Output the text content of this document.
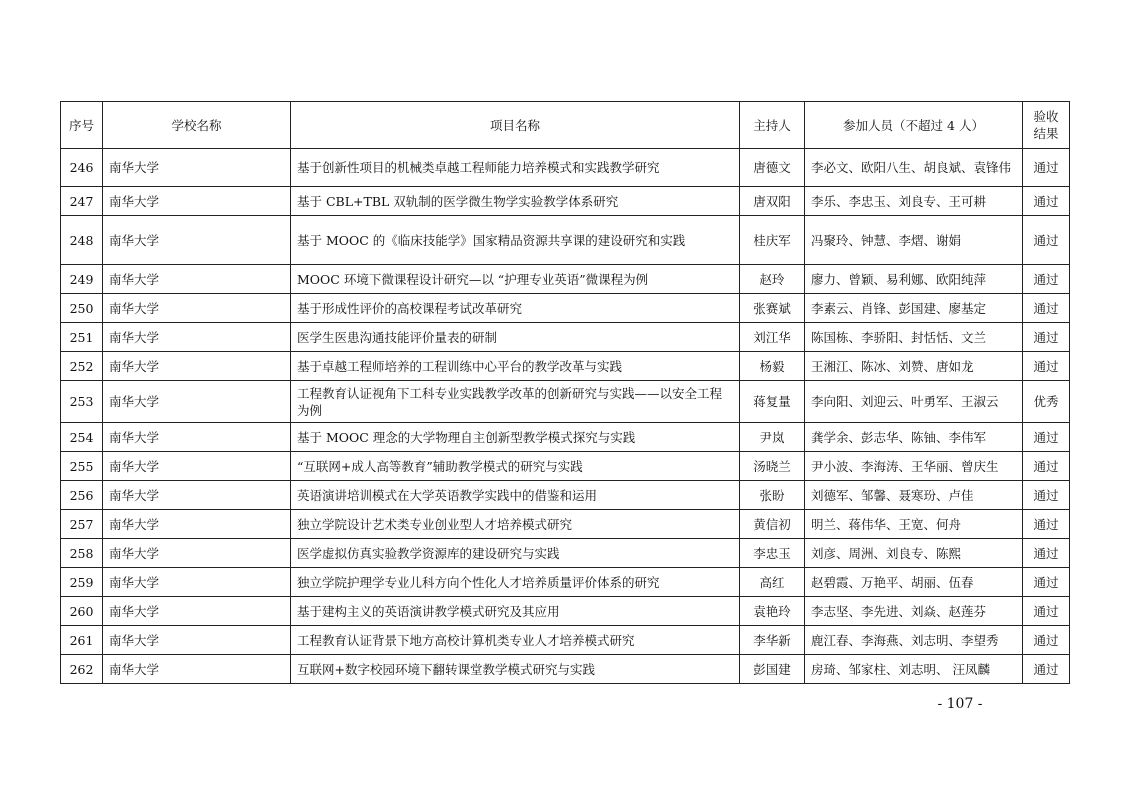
序号	学校名称	项目名称	主持人	参加人员（不超过 4 人）	验收结果
246	南华大学	基于创新性项目的机械类卓越工程师能力培养模式和实践教学研究	唐德文	李必文、欧阳八生、胡良斌、袁锋伟	通过
247	南华大学	基于 CBL+TBL 双轨制的医学微生物学实验教学体系研究	唐双阳	李乐、李忠玉、刘良专、王可耕	通过
248	南华大学	基于 MOOC 的《临床技能学》国家精品资源共享课的建设研究和实践	桂庆军	冯聚玲、钟慧、李熠、谢娟	通过
249	南华大学	MOOC 环境下微课程设计研究—以 “护理专业英语”微课程为例	赵玲	廖力、曾颖、易利娜、欧阳纯萍	通过
250	南华大学	基于形成性评价的高校课程考试改革研究	张赛斌	李素云、肖锋、彭国建、廖基定	通过
251	南华大学	医学生医患沟通技能评价量表的研制	刘江华	陈国栋、李骄阳、封恬恬、文兰	通过
252	南华大学	基于卓越工程师培养的工程训练中心平台的教学改革与实践	杨毅	王湘江、陈冰、刘赞、唐如龙	通过
253	南华大学	工程教育认证视角下工科专业实践教学改革的创新研究与实践——以安全工程为例	蒋复量	李向阳、刘迎云、叶勇军、王淑云	优秀
254	南华大学	基于 MOOC 理念的大学物理自主创新型教学模式探究与实践	尹岚	龚学余、彭志华、陈铀、李伟军	通过
255	南华大学	“互联网+成人高等教育”辅助教学模式的研究与实践	汤晓兰	尹小波、李海涛、王华丽、曾庆生	通过
256	南华大学	英语演讲培训模式在大学英语教学实践中的借鉴和运用	张盼	刘德军、邹馨、聂寒玢、卢佳	通过
257	南华大学	独立学院设计艺术类专业创业型人才培养模式研究	黄信初	明兰、蒋伟华、王宽、何舟	通过
258	南华大学	医学虚拟仿真实验教学资源库的建设研究与实践	李忠玉	刘彦、周洲、刘良专、陈熙	通过
259	南华大学	独立学院护理学专业儿科方向个性化人才培养质量评价体系的研究	高红	赵碧霞、万艳平、胡丽、伍春	通过
260	南华大学	基于建构主义的英语演讲教学模式研究及其应用	袁艳玲	李志坚、李先进、刘焱、赵莲芬	通过
261	南华大学	工程教育认证背景下地方高校计算机类专业人才培养模式研究	李华新	鹿江春、李海燕、刘志明、李望秀	通过
262	南华大学	互联网+数字校园环境下翻转课堂教学模式研究与实践	彭国建	房琦、邹家柱、刘志明、 汪凤麟	通过
- 107 -
